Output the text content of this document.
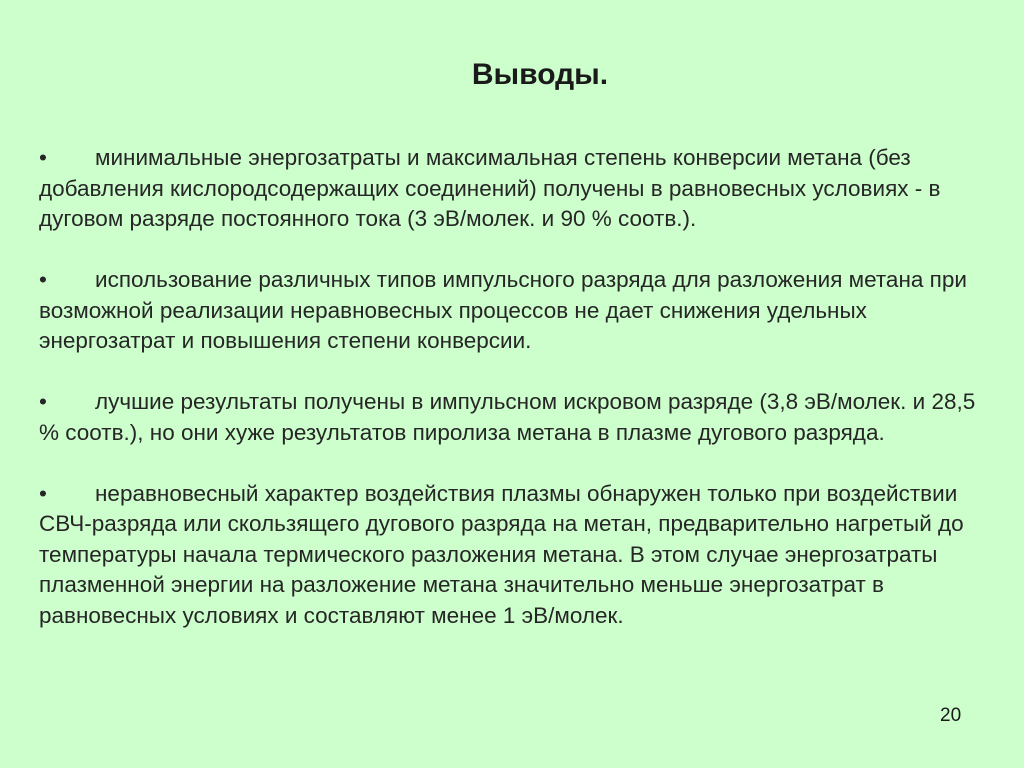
Выводы.

• минимальные энергозатраты и максимальная степень конверсии метана (без добавления кислородсодержащих соединений) получены в равновесных условиях - в дуговом разряде постоянного тока (3 эВ/молек. и 90 % соотв.).

• использование различных типов импульсного разряда для разложения метана при возможной реализации неравновесных процессов не дает снижения удельных энергозатрат и повышения степени конверсии.

• лучшие результаты получены в импульсном искровом разряде (3,8 эВ/молек. и 28,5 % соотв.), но они хуже результатов пиролиза метана в плазме дугового разряда.

• неравновесный характер воздействия плазмы обнаружен только при воздействии СВЧ-разряда или скользящего дугового разряда на метан, предварительно нагретый до температуры начала термического разложения метана. В этом случае энергозатраты плазменной энергии на разложение метана значительно меньше энергозатрат в равновесных условиях и составляют менее 1 эВ/молек.

20
